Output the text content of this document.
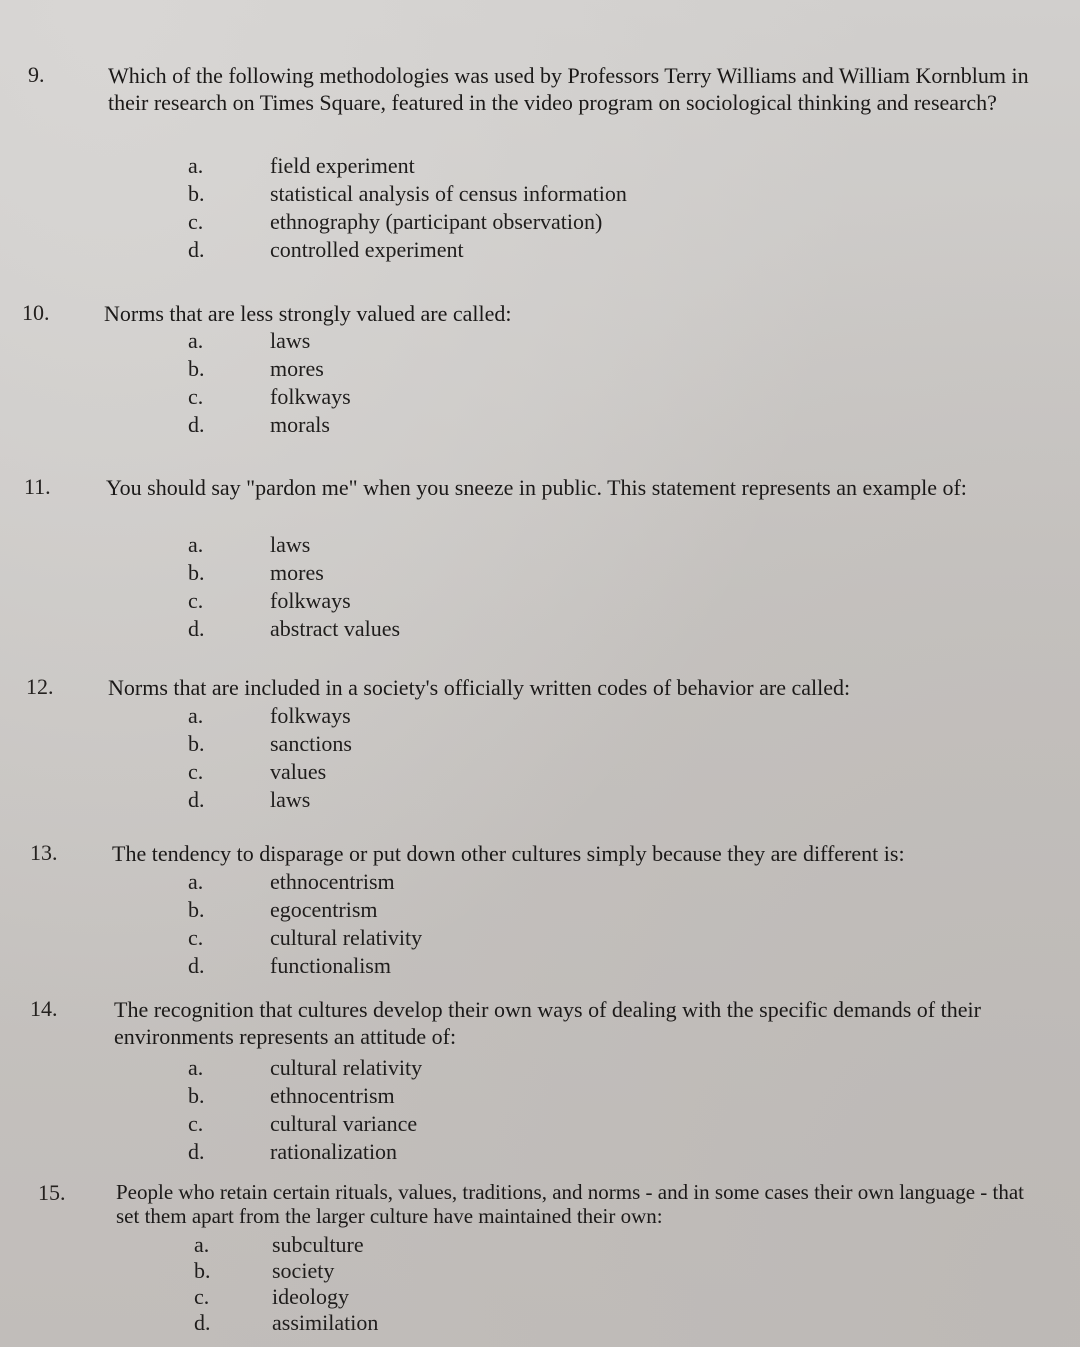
9.	Which of the following methodologies was used by Professors Terry Williams and William Kornblum in their research on Times Square, featured in the video program on sociological thinking and research?

a.	field experiment
b.	statistical analysis of census information
c.	ethnography (participant observation)
d.	controlled experiment
10. Norms that are less strongly valued are called:

a.	laws
b.	mores
c.	folkways
d.	morals
11.	You should say "pardon me" when you sneeze in public. This statement represents an example of:

a.	laws
b.	mores
c.	folkways
d.	abstract values
12. Norms that are included in a society's officially written codes of behavior are called:

a.	folkways
b.	sanctions
c.	values
d.	laws
13. The tendency to disparage or put down other cultures simply because they are different is:

a.	ethnocentrism
b.	egocentrism
c.	cultural relativity
d.	functionalism
14.	The recognition that cultures develop their own ways of dealing with the specific demands of their environments represents an attitude of:

a.	cultural relativity
b.	ethnocentrism
c.	cultural variance
d.	rationalization
15. People who retain certain rituals, values, traditions, and norms - and in some cases their own language - that set them apart from the larger culture have maintained their own:

a.	subculture
b.	society
c.	ideology
d.	assimilation
